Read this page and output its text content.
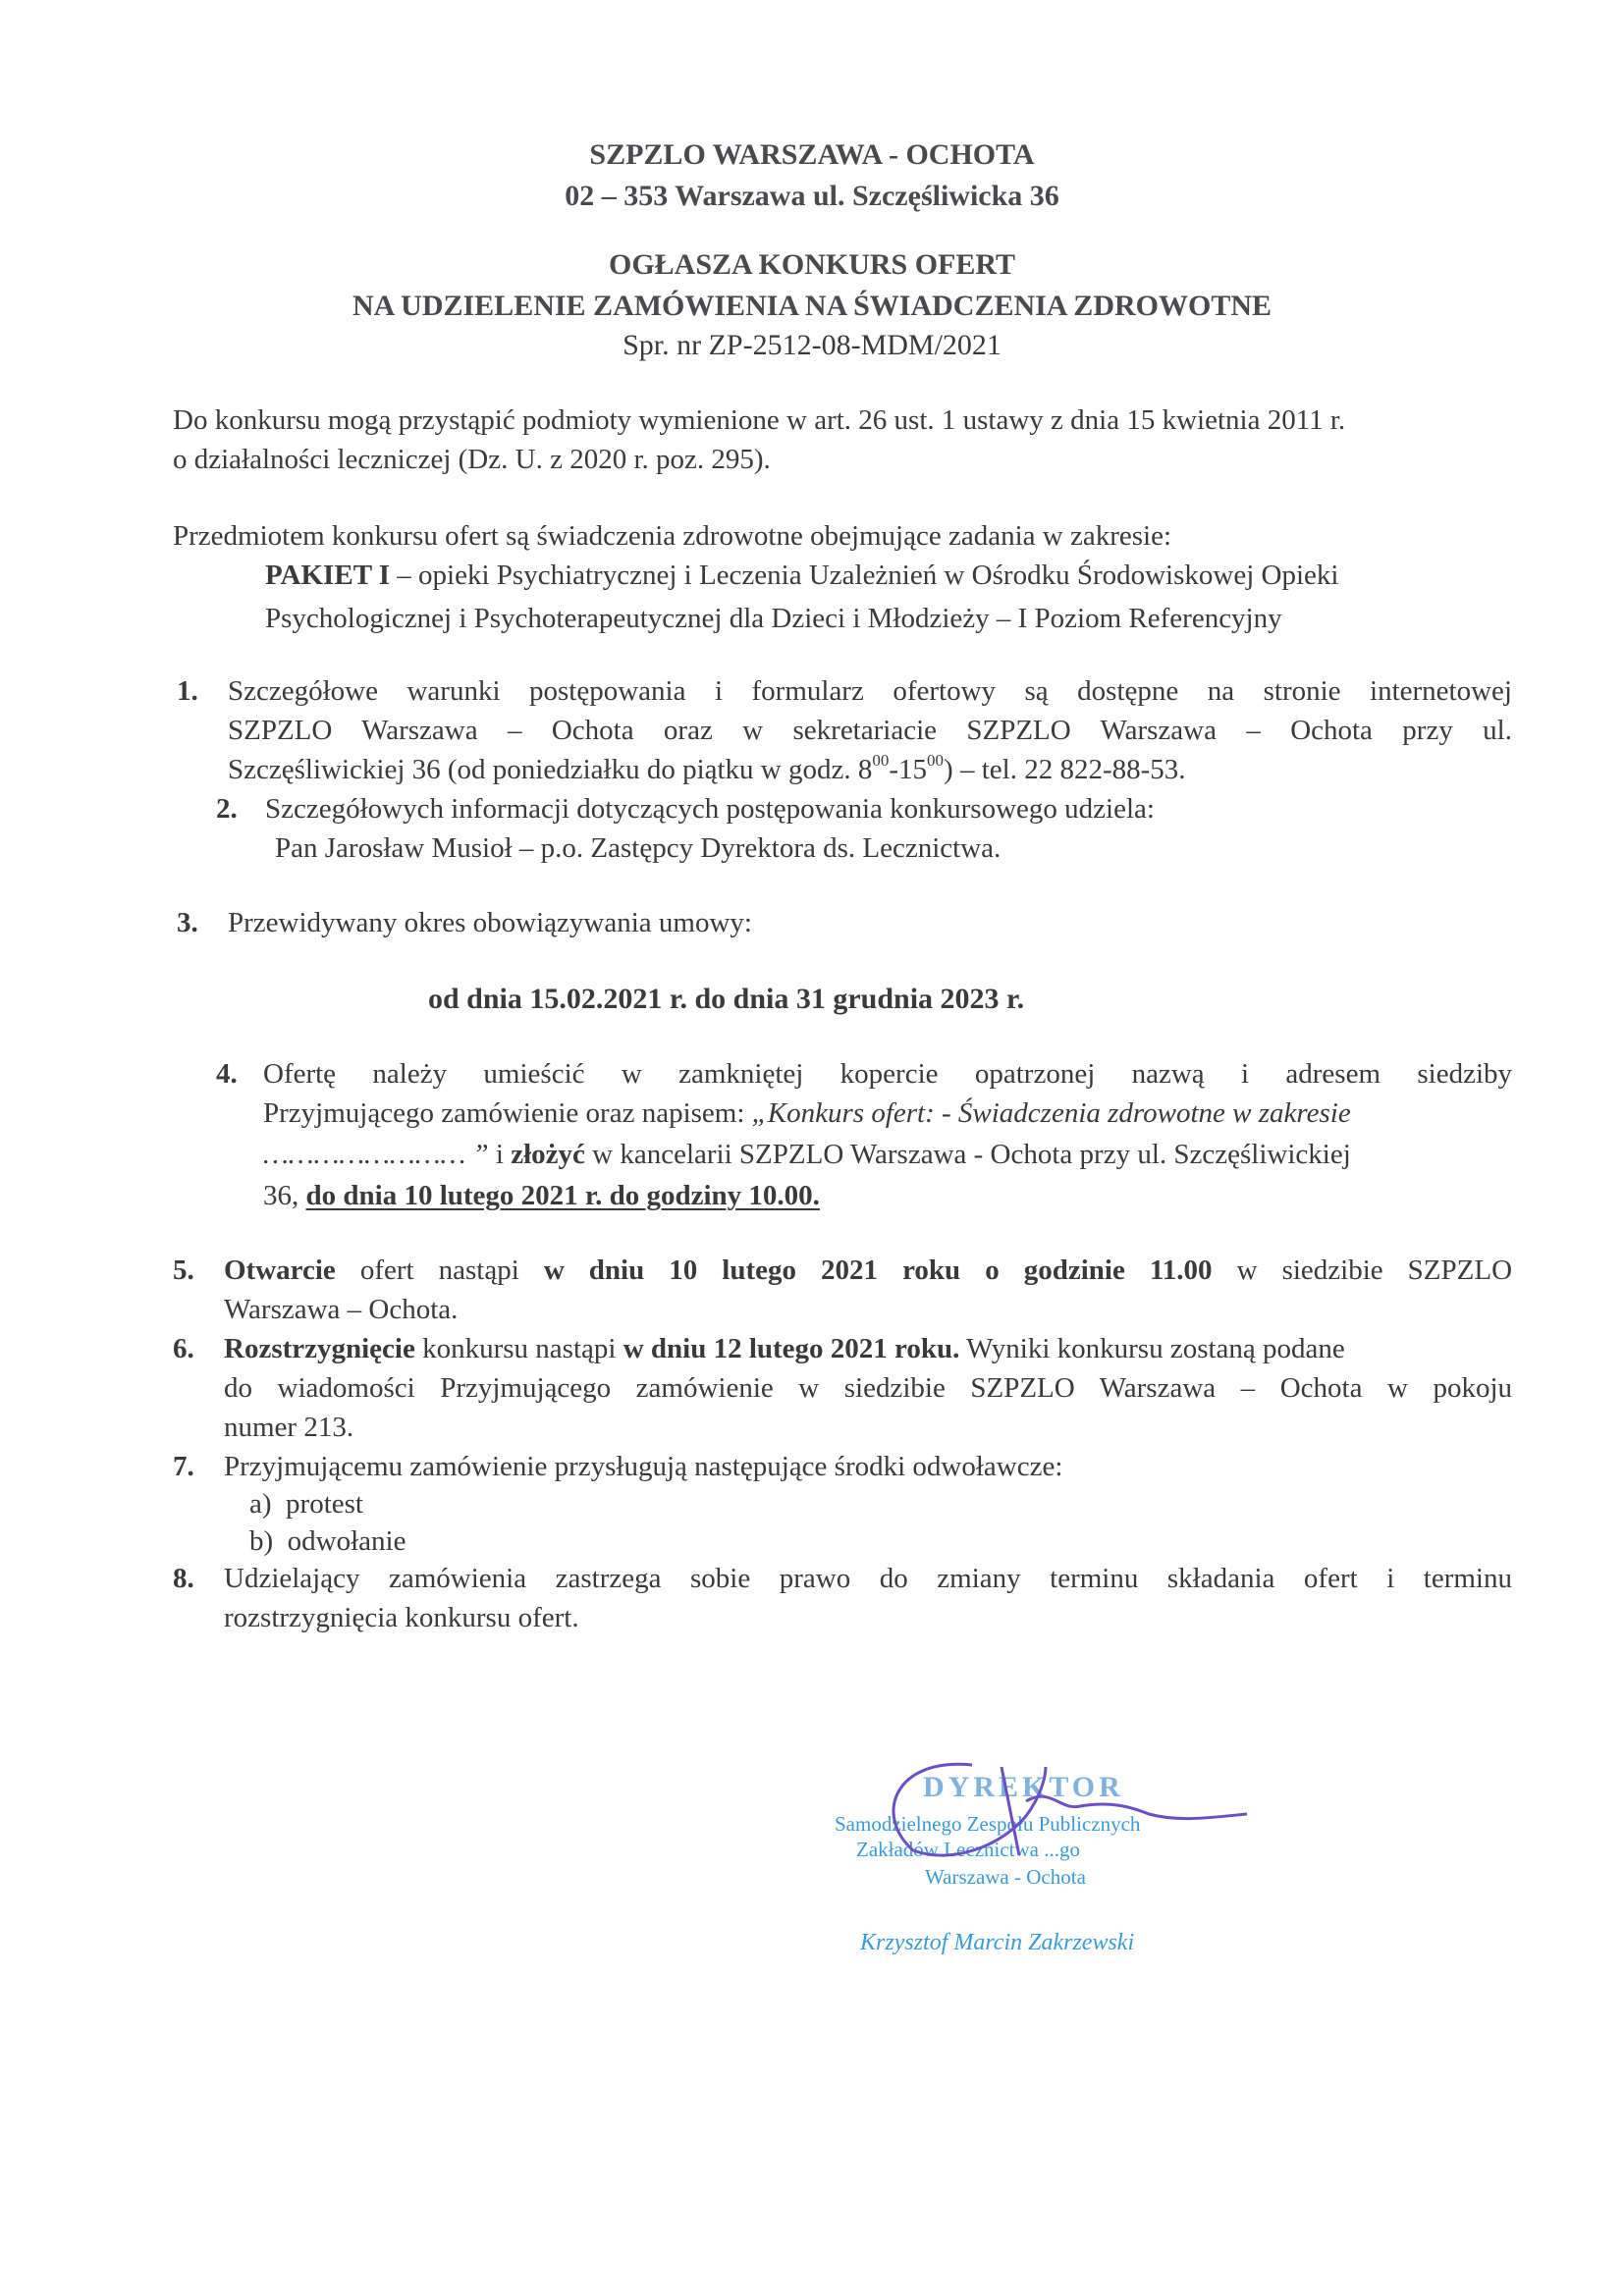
SZPZLO WARSZAWA - OCHOTA
02 – 353 Warszawa ul. Szczęśliwicka 36
OGŁASZA KONKURS OFERT
NA UDZIELENIE ZAMÓWIENIA NA ŚWIADCZENIA ZDROWOTNE
Spr. nr ZP-2512-08-MDM/2021
Do konkursu mogą przystąpić podmioty wymienione w art. 26 ust. 1 ustawy z dnia 15 kwietnia 2011 r.
o działalności leczniczej (Dz. U. z 2020 r. poz. 295).
Przedmiotem konkursu ofert są świadczenia zdrowotne obejmujące zadania w zakresie:
PAKIET I – opieki Psychiatrycznej i Leczenia Uzależnień w Ośrodku Środowiskowej Opieki
Psychologicznej i Psychoterapeutycznej dla Dzieci i Młodzieży – I Poziom Referencyjny
1. Szczegółowe warunki postępowania i formularz ofertowy są dostępne na stronie internetowej
SZPZLO Warszawa – Ochota oraz w sekretariacie SZPZLO Warszawa – Ochota przy ul.
Szczęśliwickiej 36 (od poniedziałku do piątku w godz. $8^{00}-15^{00}$) – tel. 22 822-88-53.
2. Szczegółowych informacji dotyczących postępowania konkursowego udziela:
Pan Jarosław Musioł – p.o. Zastępcy Dyrektora ds. Lecznictwa.
3. Przewidywany okres obowiązywania umowy:
od dnia 15.02.2021 r. do dnia 31 grudnia 2023 r.
4. Ofertę należy umieścić w zamkniętej kopercie opatrzonej nazwą i adresem siedziby
Przyjmującego zamówienie oraz napisem: „Konkurs ofert: - Świadczenia zdrowotne w zakresie
…………………… ” i złożyć w kancelarii SZPZLO Warszawa - Ochota przy ul. Szczęśliwickiej
36, do dnia 10 lutego 2021 r. do godziny 10.00.
5. Otwarcie ofert nastąpi w dniu 10 lutego 2021 roku o godzinie 11.00 w siedzibie SZPZLO
Warszawa – Ochota.
6. Rozstrzygnięcie konkursu nastąpi w dniu 12 lutego 2021 roku. Wyniki konkursu zostaną podane
do wiadomości Przyjmującego zamówienie w siedzibie SZPZLO Warszawa – Ochota w pokoju
numer 213.
7. Przyjmującemu zamówienie przysługują następujące środki odwoławcze:
a) protest
b) odwołanie
8. Udzielający zamówienia zastrzega sobie prawo do zmiany terminu składania ofert i terminu
rozstrzygnięcia konkursu ofert.
DYREKTOR
Samodzielnego Zespołu Publicznych
Zakładów Lecznictwa ...go
Warszawa - Ochota
Krzysztof Marcin Zakrzewski
